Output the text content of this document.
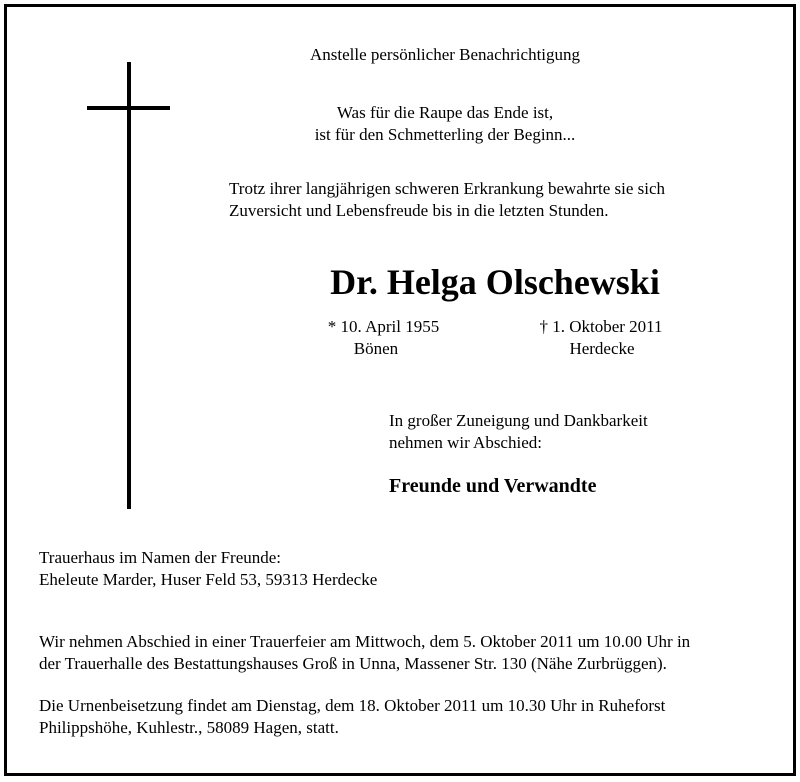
Anstelle persönlicher Benachrichtigung
Was für die Raupe das Ende ist,
ist für den Schmetterling der Beginn...
Trotz ihrer langjährigen schweren Erkrankung bewahrte sie sich
Zuversicht und Lebensfreude bis in die letzten Stunden.
Dr. Helga Olschewski
* 10. April 1955
Bönen
† 1. Oktober 2011
Herdecke
In großer Zuneigung und Dankbarkeit
nehmen wir Abschied:
Freunde und Verwandte
Trauerhaus im Namen der Freunde:
Eheleute Marder, Huser Feld 53, 59313 Herdecke
Wir nehmen Abschied in einer Trauerfeier am Mittwoch, dem 5. Oktober 2011 um 10.00 Uhr in
der Trauerhalle des Bestattungshauses Groß in Unna, Massener Str. 130 (Nähe Zurbrüggen).
Die Urnenbeisetzung findet am Dienstag, dem 18. Oktober 2011 um 10.30 Uhr in Ruheforst
Philippshöhe, Kuhlestr., 58089 Hagen, statt.
